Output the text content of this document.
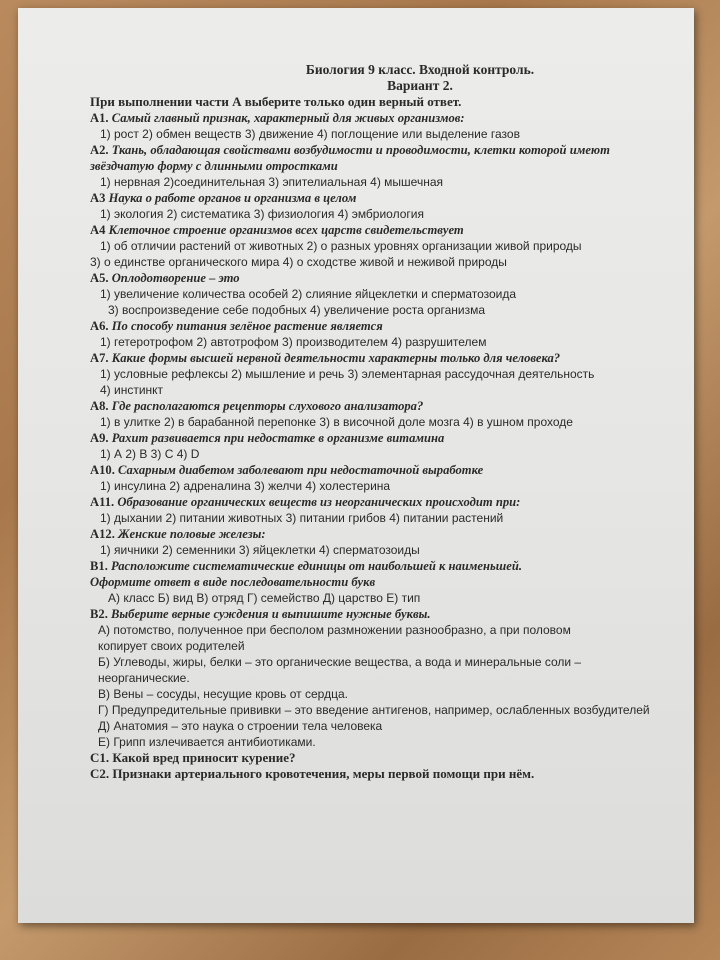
Биология 9 класс. Входной контроль.
Вариант 2.
При выполнении части А выберите только один верный ответ.
А1. Самый главный признак, характерный для живых организмов:
1) рост 2) обмен веществ 3) движение 4) поглощение или выделение газов
А2. Ткань, обладающая свойствами возбудимости и проводимости, клетки которой имеют звёздчатую форму с длинными отростками
1) нервная 2)соединительная 3) эпителиальная 4) мышечная
А3 Наука о работе органов и организма в целом
1) экология 2) систематика 3) физиология 4) эмбриология
А4 Клеточное строение организмов всех царств свидетельствует
1) об отличии растений от животных 2) о разных уровнях организации живой природы
3) о единстве органического мира 4) о сходстве живой и неживой природы
А5. Оплодотворение – это
1) увеличение количества особей 2) слияние яйцеклетки и сперматозоида
3) воспроизведение себе подобных 4) увеличение роста организма
А6. По способу питания зелёное растение является
1) гетеротрофом 2) автотрофом 3) производителем 4) разрушителем
А7. Какие формы высшей нервной деятельности характерны только для человека?
1) условные рефлексы 2) мышление и речь 3) элементарная рассудочная деятельность
4) инстинкт
А8. Где располагаются рецепторы слухового анализатора?
1) в улитке 2) в барабанной перепонке 3) в височной доле мозга 4) в ушном проходе
А9. Рахит развивается при недостатке в организме витамина
1) А 2) В 3) С 4) D
А10. Сахарным диабетом заболевают при недостаточной выработке
1) инсулина 2) адреналина 3) желчи 4) холестерина
А11. Образование органических веществ из неорганических происходит при:
1) дыхании 2) питании животных 3) питании грибов 4) питании растений
А12. Женские половые железы:
1) яичники 2) семенники 3) яйцеклетки 4) сперматозоиды
В1. Расположите систематические единицы от наибольшей к наименьшей.
Оформите ответ в виде последовательности букв
А) класс Б) вид В) отряд Г) семейство Д) царство Е) тип
В2. Выберите верные суждения и выпишите нужные буквы.
А) потомство, полученное при бесполом размножении разнообразно, а при половом
копирует своих родителей
Б) Углеводы, жиры, белки – это органические вещества, а вода и минеральные соли –
неорганические.
В) Вены – сосуды, несущие кровь от сердца.
Г) Предупредительные прививки – это введение антигенов, например, ослабленных возбудителей
Д) Анатомия – это наука о строении тела человека
Е) Грипп излечивается антибиотиками.
С1. Какой вред приносит курение?
С2. Признаки артериального кровотечения, меры первой помощи при нём.
